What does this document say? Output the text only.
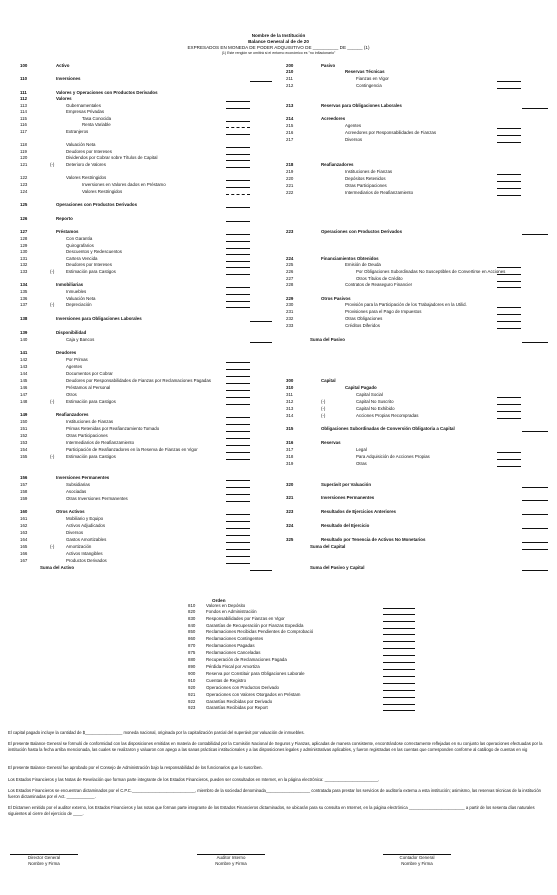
Nombre de la Institución
Balance General al de de 20
EXPRESADOS EN MONEDA DE PODER ADQUISITIVO DE __________ DE ______ (1)
(1) Este renglón se omitirá si el entorno económico es "no inflacionario"
100	Activo
110	Inversiones
111	Valores y Operaciones con Productos Derivados
112	Valores
113	Gubernamentales
114	Empresas Privadas
115	Tasa Conocida
116	Renta Variable
117	Extranjeros
118	Valuación Neta
119	Deudores por Intereses
120	Dividendos por Cobrar sobre Títulos de Capital
121	(-)	Deterioro de Valores
122	Valores Restringidos
123	Inversiones en Valores dados en Préstamo
124	Valores Restringidos
125	Operaciones con Productos Derivados
126	Reporto
127	Préstamos
128	Con Garantía
129	Quirografarios
130	Descuentos y Redescuentos
131	Cartera Vencida
132	Deudores por Intereses
133	(-)	Estimación para Castigos
134	Inmobiliarias
135	Inmuebles
136	Valuación Neta
137	(-)	Depreciación
138	Inversiones para Obligaciones Laborales
139	Disponibilidad
140	Caja y Bancos
141	Deudores
142	Por Primas
143	Agentes
144	Documentos por Cobrar
145	Deudores por Responsabilidades de Fianzas por Reclamaciones Pagadas
146	Préstamos al Personal
147	Otros
148	(-)	Estimación para Castigos
149	Reafianzadores
150	Instituciones de Fianzas
151	Primas Retenidas por Reafianzamiento Tomado
152	Otras Participaciones
153	Intermediarios de Reafianzamiento
154	Participación de Reafianzadores en la Reserva de Fianzas en Vigor
155	(-)	Estimación para Castigos
156	Inversiones Permanentes
157	Subsidiarias
158	Asociadas
159	Otras Inversiones Permanentes
160	Otros Activos
161	Mobiliario y Equipo
162	Activos Adjudicados
163	Diversos
164	Gastos Amortizables
165	(-)	Amortización
166	Activos Intangibles
167	Productos Derivados
Suma del Activo
200	Pasivo
210	Reservas Técnicas
211	Fianzas en Vigor
212	Contingencia
213	Reservas para Obligaciones Laborales
214	Acreedores
215	Agentes
216	Acreedores por Responsabilidades de Fianzas
217	Diversos
218	Reafianzadores
219	Instituciones de Fianzas
220	Depósitos Retenidos
221	Otras Participaciones
222	Intermediarios de Reafianzamiento
223	Operaciones con Productos Derivados
224	Financiamientos Obtenidos
225	Emisión de Deuda
226	Por Obligaciones Subordinadas No Susceptibles de Convertirse en Acciones
227	Otros Títulos de Crédito
228	Contratos de Reaseguro Financier
229	Otros Pasivos
230	Provisión para la Participación de los Trabajadores en la Utilid.
231	Provisiones para el Pago de Impuestos
232	Otras Obligaciones
233	Créditos Diferidos
Suma del Pasivo
300	Capital
310	Capital Pagado
311	Capital Social
312	(-)	Capital No Suscrito
313	(-)	Capital No Exhibido
314	(-)	Acciones Propias Recompradas
315	Obligaciones Subordinadas de Conversión Obligatoria a Capital
316	Reservas
317	Legal
318	Para Adquisición de Acciones Propias
319	Otras
320	Superávit por Valuación
321	Inversiones Permanentes
323	Resultados de Ejercicios Anteriores
324	Resultado del Ejercicio
325	Resultado por Tenencia de Activos No Monetarios
Suma del Capital
Suma del Pasivo y Capital
Orden
810 Valores en Depósito
820 Fondos en Administración
830 Responsabilidades por Fianzas en Vigor
840 Garantías de Recuperación por Fianzas Expedida
850 Reclamaciones Recibidas Pendientes de Comprobació
860 Reclamaciones Contingentes
870 Reclamaciones Pagadas
875 Reclamaciones Canceladas
880 Recuperación de Reclamaciones Pagada
890 Pérdida Fiscal por Amortiza
900 Reserva por Constituir para Obligaciones Laborale
910 Cuentas de Registro
920 Operaciones con Productos Derivado
921 Operaciones con Valores Otorgados en Préstam
922 Garantías Recibidas por Derivado
923 Garantías Recibidas por Report
El capital pagado incluye la cantidad de $________________ moneda nacional, originada por la capitalización parcial del superávit por valuación de inmuebles.
El presente Balance General se formuló de conformidad con las disposiciones emitidas en materia de contabilidad por la Comisión Nacional de Seguros y Fianzas, aplicadas de manera consistente, encontrándose correctamente reflejadas en su conjunto las operaciones efectuadas por la institución hasta la fecha arriba mencionada, las cuales se realizaron y valuaron con apego a las sanas prácticas institucionales y a las disposiciones legales y administrativas aplicables, y fueron registradas en las cuentas que corresponden conforme al catálogo de cuentas en vig
El presente Balance General fue aprobado por el Consejo de Administración bajo la responsabilidad de los funcionarios que lo suscriben.
Los Estados Financieros y las Notas de Revelación que forman parte integrante de los Estados Financieros, pueden ser consultados en Internet, en la página electrónica: _______________________.
Los Estados Financieros se encuentran dictaminados por el C.P.C.___________________________, miembro de la sociedad denominada___________________ contratada para prestar los servicios de auditoría externa a esta institución; asimismo, las reservas técnicas de la institución fueron dictaminadas por el Act. ____________.
El Dictamen emitido por el auditor externo, los Estados Financieros y las notas que forman parte integrante de los Estados Financieros dictaminados, se ubicarán para su consulta en Internet, en la página electrónica ________________________ a partir de los sesenta días naturales siguientes al cierre del ejercicio de ____.
Director General
Nombre y Firma
Auditor Interno
Nombre y Firma
Contador General
Nombre y Firma
